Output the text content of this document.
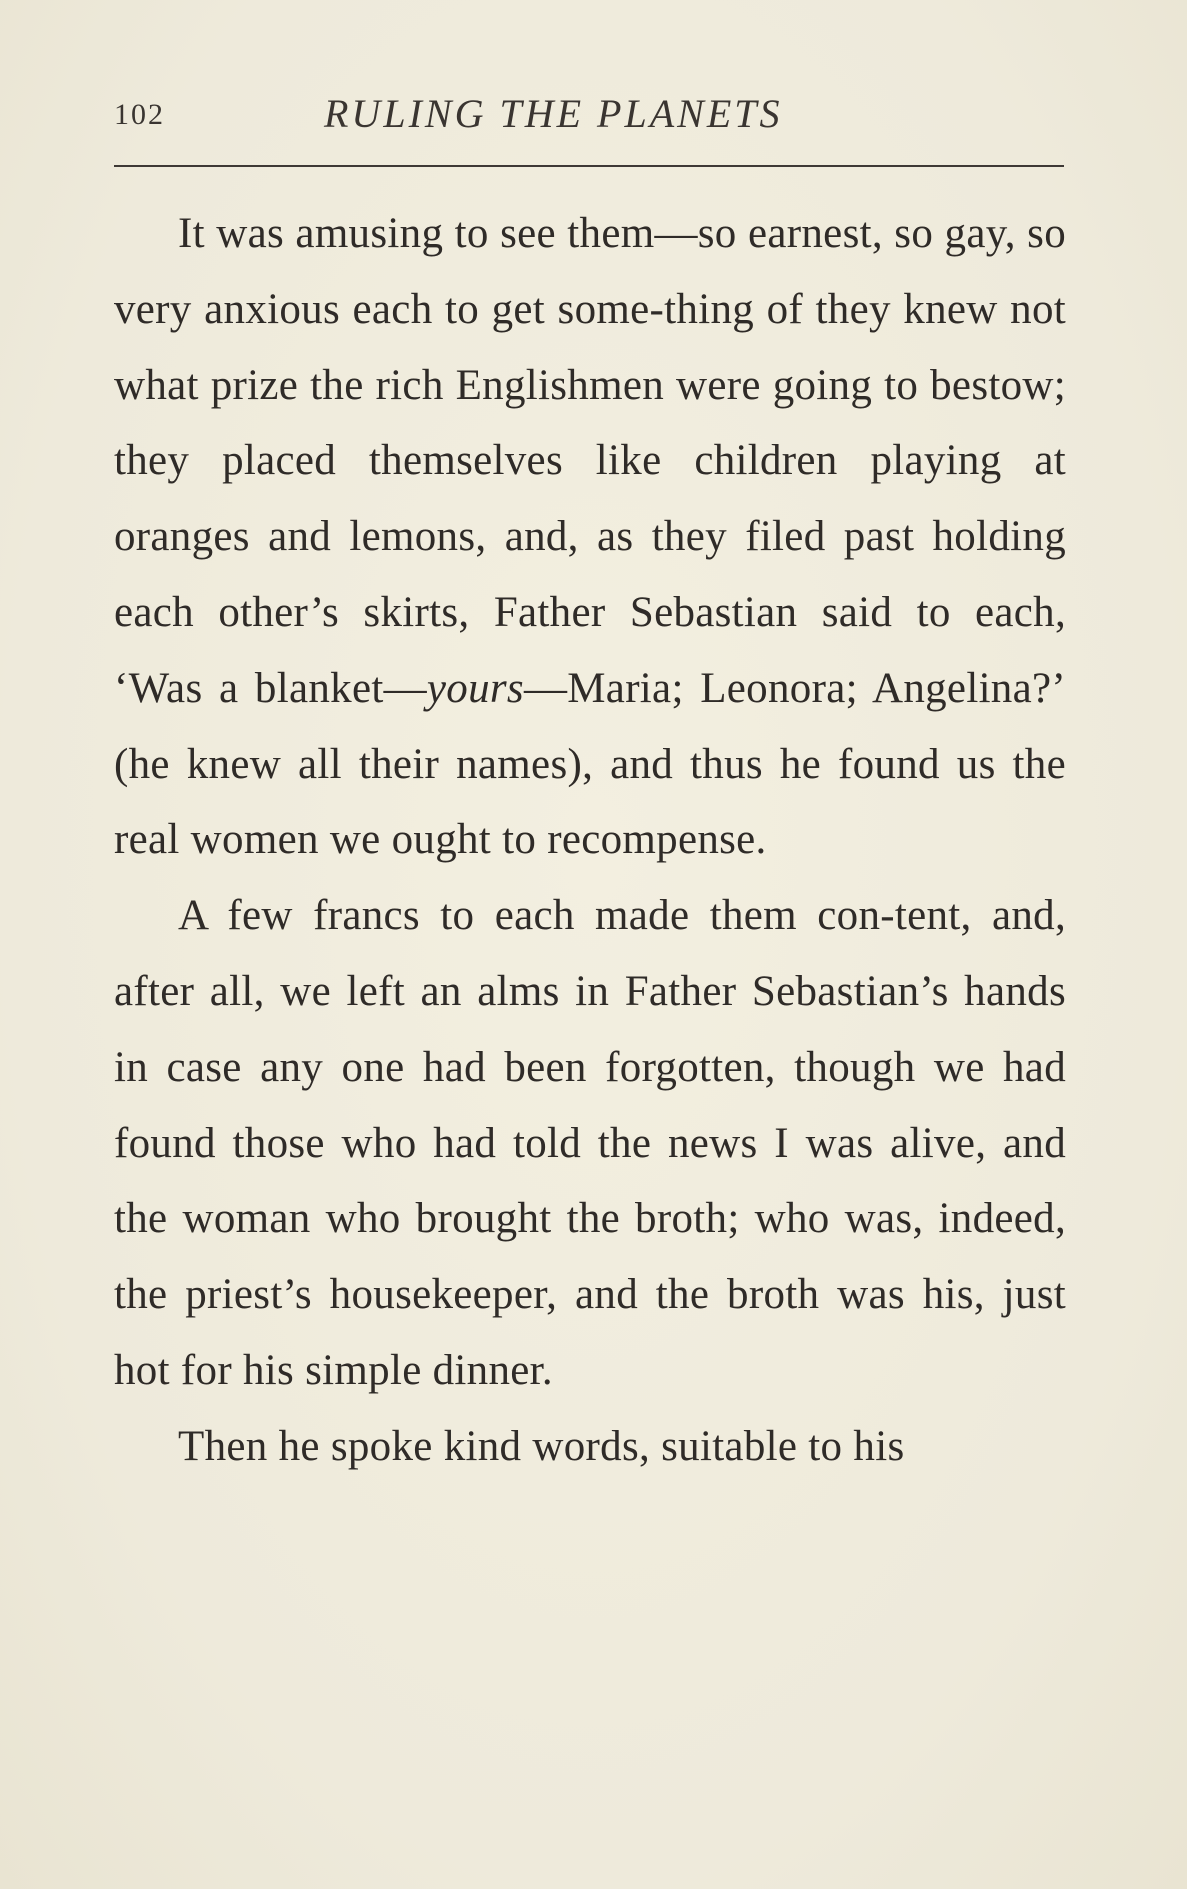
102	RULING THE PLANETS

It was amusing to see them—so earnest, so gay, so very anxious each to get some-thing of they knew not what prize the rich Englishmen were going to bestow; they placed themselves like children playing at oranges and lemons, and, as they filed past holding each other’s skirts, Father Sebastian said to each, ‘Was a blanket—yours—Maria; Leonora; Angelina?’ (he knew all their names), and thus he found us the real women we ought to recompense.

A few francs to each made them con-tent, and, after all, we left an alms in Father Sebastian’s hands in case any one had been forgotten, though we had found those who had told the news I was alive, and the woman who brought the broth; who was, indeed, the priest’s housekeeper, and the broth was his, just hot for his simple dinner.

Then he spoke kind words, suitable to his
